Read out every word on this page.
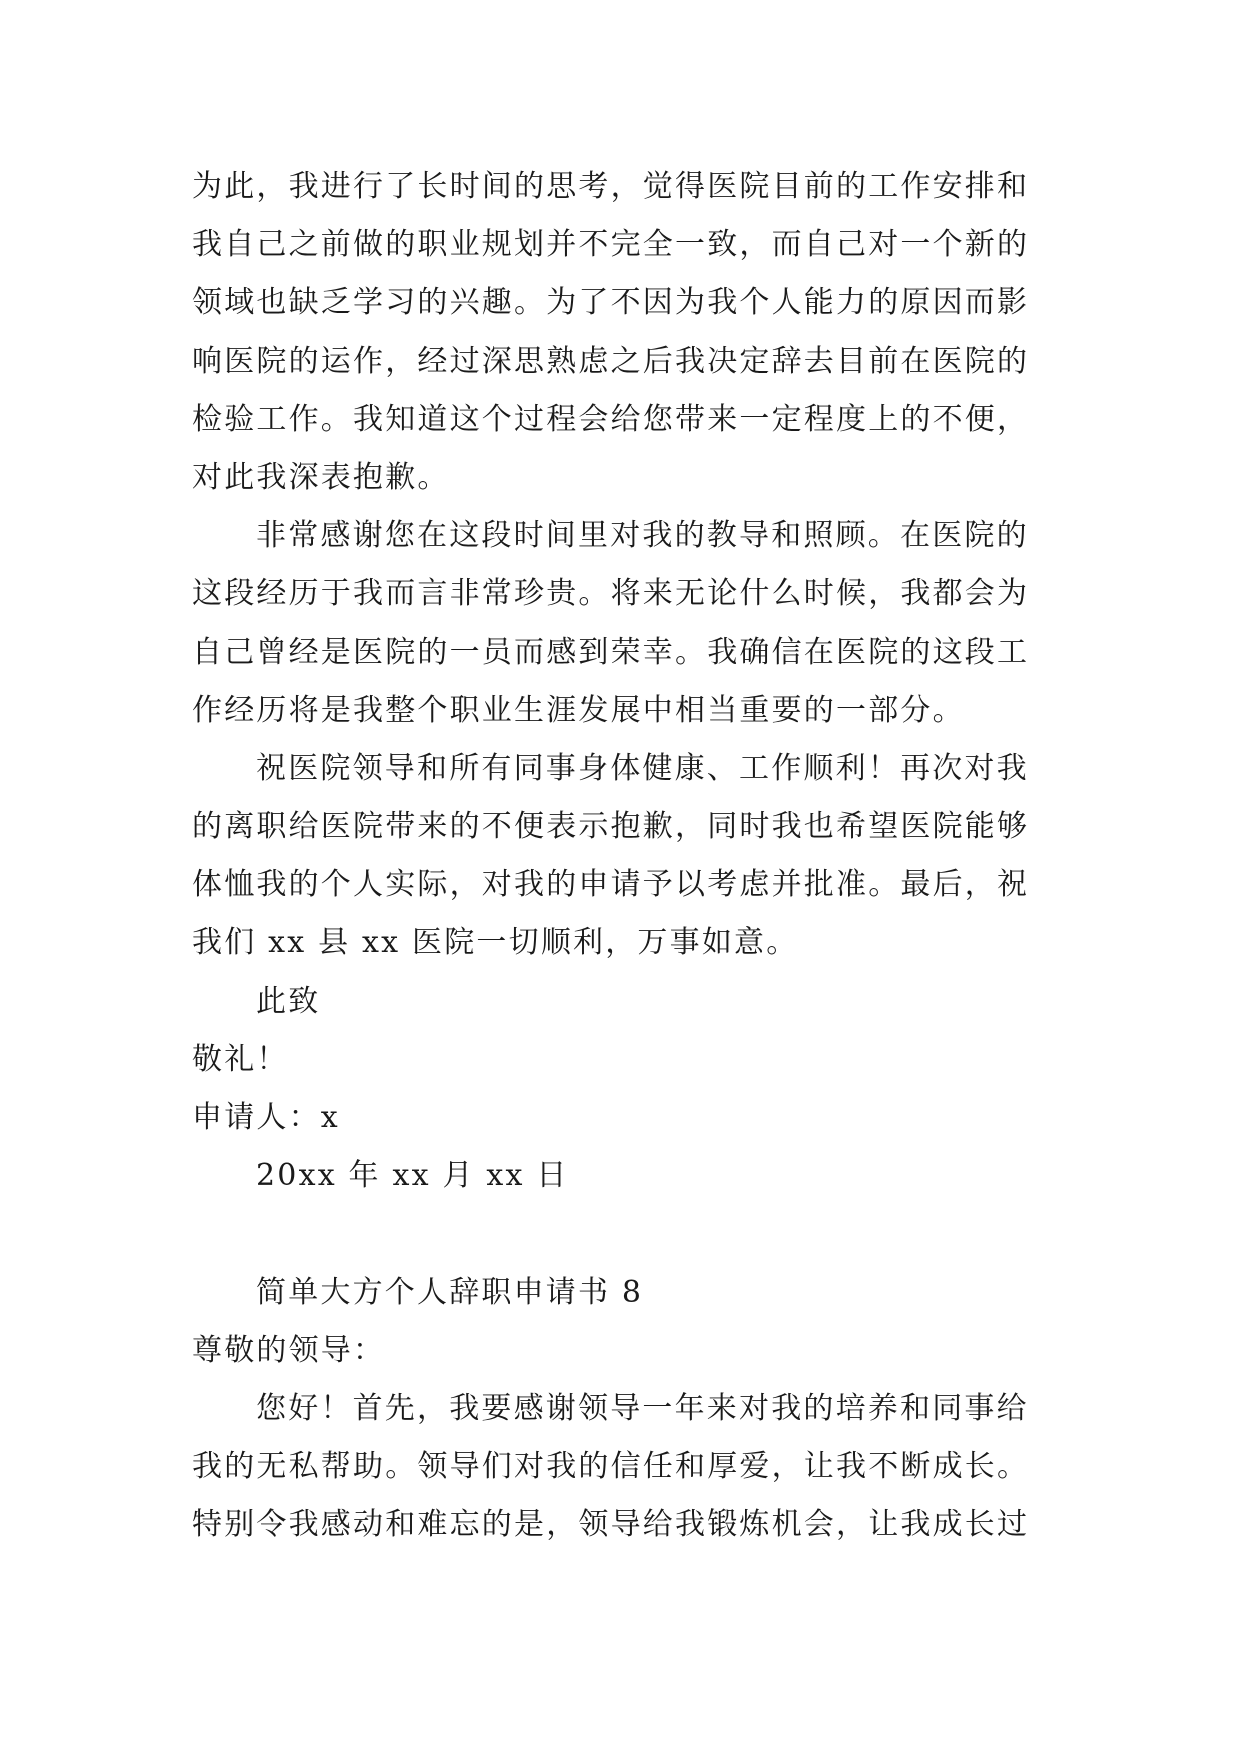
为此，我进行了长时间的思考，觉得医院目前的工作安排和
我自己之前做的职业规划并不完全一致，而自己对一个新的
领域也缺乏学习的兴趣。为了不因为我个人能力的原因而影
响医院的运作，经过深思熟虑之后我决定辞去目前在医院的
检验工作。我知道这个过程会给您带来一定程度上的不便，
对此我深表抱歉。
非常感谢您在这段时间里对我的教导和照顾。在医院的
这段经历于我而言非常珍贵。将来无论什么时候，我都会为
自己曾经是医院的一员而感到荣幸。我确信在医院的这段工
作经历将是我整个职业生涯发展中相当重要的一部分。
祝医院领导和所有同事身体健康、工作顺利！再次对我
的离职给医院带来的不便表示抱歉，同时我也希望医院能够
体恤我的个人实际，对我的申请予以考虑并批准。最后，祝
我们 xx 县 xx 医院一切顺利，万事如意。
此致
敬礼！
申请人：x
20xx 年 xx 月 xx 日
简单大方个人辞职申请书 8
尊敬的领导：
您好！首先，我要感谢领导一年来对我的培养和同事给
我的无私帮助。领导们对我的信任和厚爱，让我不断成长。
特别令我感动和难忘的是，领导给我锻炼机会，让我成长过
